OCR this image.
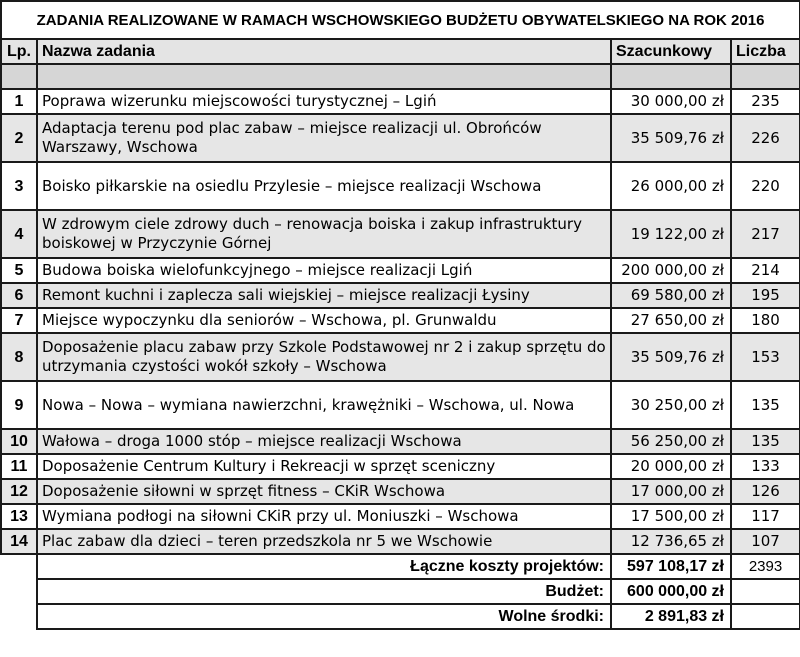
ZADANIA REALIZOWANE W RAMACH WSCHOWSKIEGO BUDŻETU OBYWATELSKIEGO NA ROK 2016			
Lp.	Nazwa zadania	Szacunkowy	Liczba

1	Poprawa wizerunku miejscowości turystycznej – Lgiń	30 000,00 zł	235
2	Adaptacja terenu pod plac zabaw – miejsce realizacji ul. Obrońców Warszawy, Wschowa	35 509,76 zł	226
3	Boisko piłkarskie na osiedlu Przylesie – miejsce realizacji Wschowa	26 000,00 zł	220
4	W zdrowym ciele zdrowy duch – renowacja boiska i zakup infrastruktury boiskowej w Przyczynie Górnej	19 122,00 zł	217
5	Budowa boiska wielofunkcyjnego – miejsce realizacji Lgiń	200 000,00 zł	214
6	Remont kuchni i zaplecza sali wiejskiej – miejsce realizacji Łysiny	69 580,00 zł	195
7	Miejsce wypoczynku dla seniorów – Wschowa, pl. Grunwaldu	27 650,00 zł	180
8	Doposażenie placu zabaw przy Szkole Podstawowej nr 2 i zakup sprzętu do utrzymania czystości wokół szkoły – Wschowa	35 509,76 zł	153
9	Nowa – Nowa – wymiana nawierzchni, krawężniki – Wschowa, ul. Nowa	30 250,00 zł	135
10	Wałowa – droga 1000 stóp – miejsce realizacji Wschowa	56 250,00 zł	135
11	Doposażenie Centrum Kultury i Rekreacji w sprzęt sceniczny	20 000,00 zł	133
12	Doposażenie siłowni w sprzęt fitness – CKiR Wschowa	17 000,00 zł	126
13	Wymiana podłogi na siłowni CKiR przy ul. Moniuszki – Wschowa	17 500,00 zł	117
14	Plac zabaw dla dzieci – teren przedszkola nr 5 we Wschowie	12 736,65 zł	107
	Łączne koszty projektów:	597 108,17 zł	2393
	Budżet:	600 000,00 zł	
	Wolne środki:	2 891,83 zł	
